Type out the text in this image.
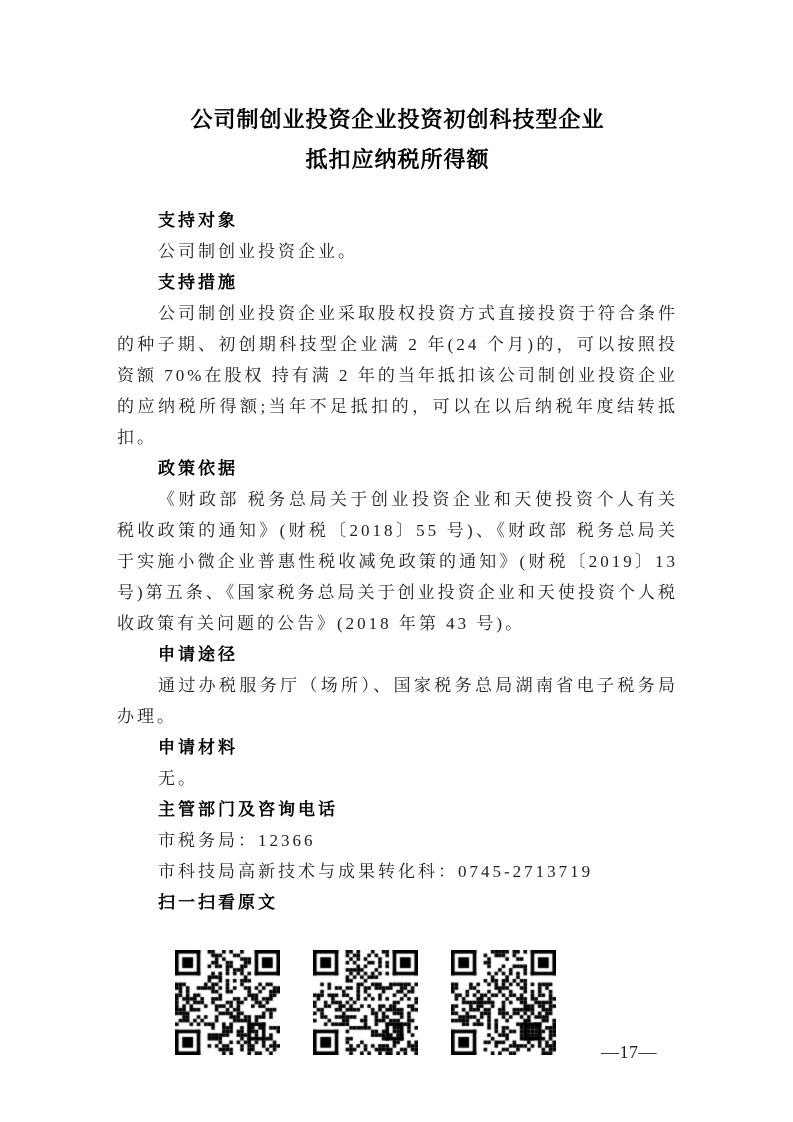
公司制创业投资企业投资初创科技型企业
抵扣应纳税所得额
支持对象

公司制创业投资企业。

支持措施

公司制创业投资企业采取股权投资方式直接投资于符合条件的种子期、初创期科技型企业满 2 年(24 个月)的，可以按照投资额 70%在股权 持有满 2 年的当年抵扣该公司制创业投资企业的应纳税所得额;当年不足抵扣的，可以在以后纳税年度结转抵扣。

政策依据

《财政部 税务总局关于创业投资企业和天使投资个人有关税收政策的通知》(财税〔2018〕55 号)、《财政部 税务总局关于实施小微企业普惠性税收减免政策的通知》(财税〔2019〕13 号)第五条、《国家税务总局关于创业投资企业和天使投资个人税收政策有关问题的公告》(2018 年第 43 号)。

申请途径

通过办税服务厅（场所）、国家税务总局湖南省电子税务局办理。

申请材料

无。

主管部门及咨询电话

市税务局：12366

市科技局高新技术与成果转化科：0745-2713719

扫一扫看原文
—17—
